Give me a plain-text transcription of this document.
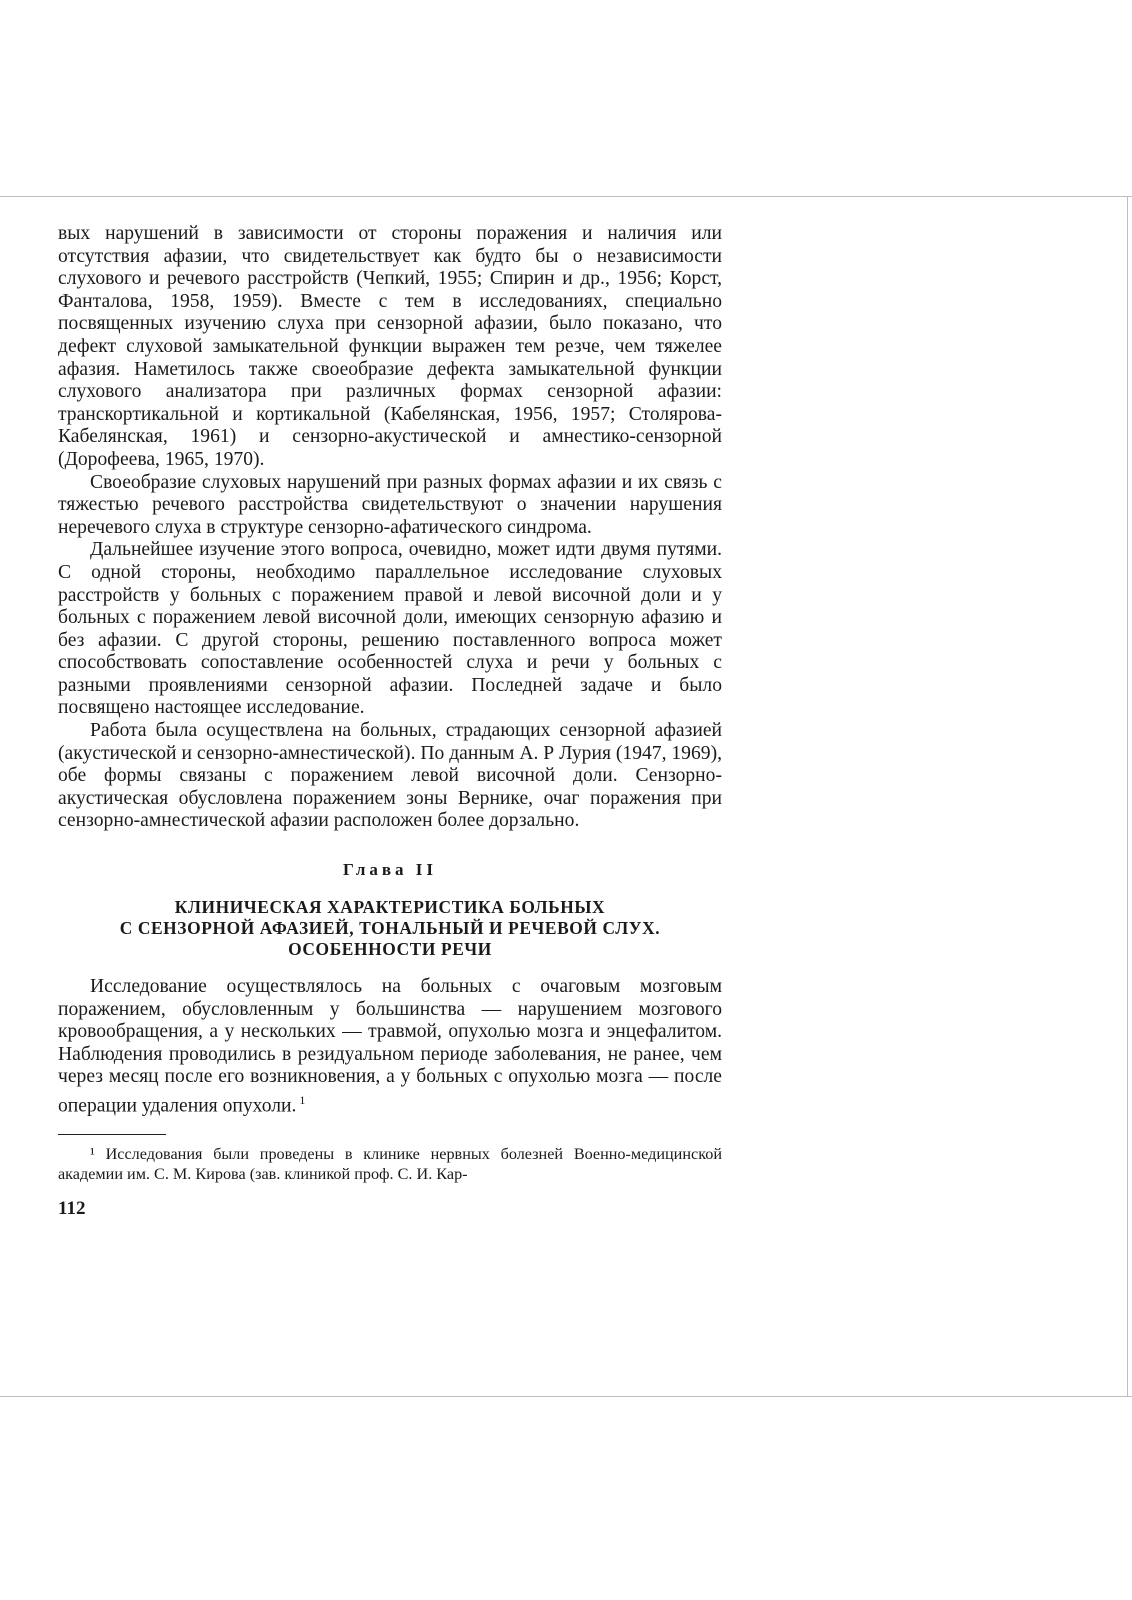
вых нарушений в зависимости от стороны поражения и наличия или отсутствия афазии, что свидетельствует как будто бы о независимости слухового и речевого расстройств (Чепкий, 1955; Спирин и др., 1956; Корст, Фанталова, 1958, 1959). Вместе с тем в исследованиях, специально посвященных изучению слуха при сензорной афазии, было показано, что дефект слуховой замыкательной функции выражен тем резче, чем тяжелее афазия. Наметилось также своеобразие дефекта замыкательной функции слухового анализатора при различных формах сензорной афазии: транскортикальной и кортикальной (Кабелянская, 1956, 1957; Столярова-Кабелянская, 1961) и сензорно-акустической и амнестико-сензорной (Дорофеева, 1965, 1970).

Своеобразие слуховых нарушений при разных формах афазии и их связь с тяжестью речевого расстройства свидетельствуют о значении нарушения неречевого слуха в структуре сензорно-афатического синдрома.

Дальнейшее изучение этого вопроса, очевидно, может идти двумя путями. С одной стороны, необходимо параллельное исследование слуховых расстройств у больных с поражением правой и левой височной доли и у больных с поражением левой височной доли, имеющих сензорную афазию и без афазии. С другой стороны, решению поставленного вопроса может способствовать сопоставление особенностей слуха и речи у больных с разными проявлениями сензорной афазии. Последней задаче и было посвящено настоящее исследование.

Работа была осуществлена на больных, страдающих сензорной афазией (акустической и сензорно-амнестической). По данным А. Р Лурия (1947, 1969), обе формы связаны с поражением левой височной доли. Сензорно-акустическая обусловлена поражением зоны Вернике, очаг поражения при сензорно-амнестической афазии расположен более дорзально.

Глава II
КЛИНИЧЕСКАЯ ХАРАКТЕРИСТИКА БОЛЬНЫХ
С СЕНЗОРНОЙ АФАЗИЕЙ, ТОНАЛЬНЫЙ И РЕЧЕВОЙ СЛУХ.
ОСОБЕННОСТИ РЕЧИ

Исследование осуществлялось на больных с очаговым мозговым поражением, обусловленным у большинства — нарушением мозгового кровообращения, а у нескольких — травмой, опухолью мозга и энцефалитом. Наблюдения проводились в резидуальном периоде заболевания, не ранее, чем через месяц после его возникновения, а у больных с опухолью мозга — после операции удаления опухоли. $^1$

¹ Исследования были проведены в клинике нервных болезней Военно-медицинской академии им. С. М. Кирова (зав. клиникой проф. С. И. Кар-

112
